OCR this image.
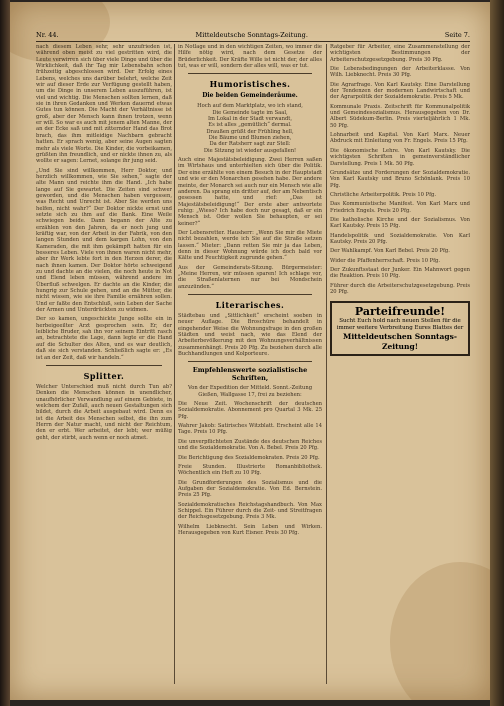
Nr. 44.	Mitteldeutsche Sonntags-Zeitung.	Seite 7.
nach diesem Leben sehr, sehr unzufrieden ist, während oben meist zu viel gestritten wird, die Leute verwirren sich über viele Dinge und über die Wirklichkeit, daß ihr Tag mir Lebensbahn schon frühzeitig abgeschlossen wird. Der Erfolg eines Lebens, welches uns darüber belehrt, welche Zeit wir auf dieser Erde zur Verfügung gestellt haben, um die Dinge in unserem Leben auszuführen, ist viel und wichtig. Die Menschen sollten lernen, daß sie in ihren Gedanken und Werken dauernd etwas Gutes tun können. Die Macht der Verhältnisse ist groß, aber der Mensch kann ihnen trotzen, wenn er will. So war es auch mit jenem alten Manne, der an der Ecke saß und mit zitternder Hand das Brot brach, das ihm mitleidige Nachbarn gebracht hatten. Er sprach wenig, aber seine Augen sagten mehr als viele Worte. Die Kinder, die vorbeikamen, grüßten ihn freundlich, und er nickte ihnen zu, als wollte er sagen: Lernet, solange ihr jung seid.
„Und Sie sind willkommen, Herr Doktor, und herzlich willkommen, wie Sie sehen,“ sagte der alte Mann und reichte ihm die Hand. „Ich habe lange auf Sie gewartet. Die Zeiten sind schwer geworden, und die Menschen haben vergessen, was Recht und Unrecht ist. Aber Sie werden uns helfen, nicht wahr?“ Der Doktor nickte ernst und setzte sich zu ihm auf die Bank. Eine Weile schwiegen beide. Dann begann der Alte zu erzählen von den Jahren, da er noch jung und kräftig war, von der Arbeit in der Fabrik, von den langen Stunden und dem kargen Lohn, von den Kameraden, die mit ihm gekämpft hatten für ein besseres Leben. Viele von ihnen waren nicht mehr, aber ihr Werk lebte fort in den Herzen derer, die nach ihnen kamen. Der Doktor hörte schweigend zu und dachte an die vielen, die noch heute in Not und Elend leben müssen, während andere im Überfluß schwelgen. Er dachte an die Kinder, die hungrig zur Schule gehen, und an die Mütter, die nicht wissen, wie sie ihre Familie ernähren sollen. Und er faßte den Entschluß, sein Leben der Sache der Armen und Unterdrückten zu widmen.
Der so kamen, ungeschickte Junge sollte ein in herbeigeeilter Arzt gesprochen sein. Er, der leibliche Bruder, sah ihn vor seinem Eintritt rasch an, betrachtete die Lage, dann legte er die Hand auf die Schulter des Alten, und es war deutlich, daß sie sich verstanden. Schließlich sagte er: „Es ist an der Zeit, daß wir handeln.“
Splitter.
Welcher Unterschied muß nicht durch Tun ab? Denken die Menschen können in unendlicher, unaufhörlicher Verwandlung auf einem Gebiete, in welchem der Zufall, auch neuen Gestaltungen sich bildet, durch die Arbeit ausgebaut wird. Denn es ist die Arbeit des Menschen selbst, die ihn zum Herrn der Natur macht, und nicht der Reichtum, den er erbt. Wer arbeitet, der lebt; wer müßig geht, der stirbt, auch wenn er noch atmet.
in Notlage und in den wichtigen Zeiten, wo immer die Hilfe nötig wird, nach dem Gesetze der Brüderlichkeit. Der Kräfte Wille ist nicht der, der alles tut, was er will, sondern der alles will, was er tut.
Humoristisches.
Die beiden Gemeinderäume.
Hoch auf dem Marktplatz, wo ich stand,
Die Gemeinde tagte im Saal,
Im Lokal in der Stadt verwandt,
Es ist alles „gemütlich“ dermal.
Draußen grüßt der Frühling hell,
Die Bäume und Blumen ziehen,
Da der Ratsherr sagt zur Stell:
Die Sitzung ist wieder ausgefallen!
Auch eine Majestätsbeleidigung. Zwei Herren saßen im Wirtshaus und unterhielten sich über die Politik. Der eine erzählte von einem Besuch in der Hauptstadt und wie er den Monarchen gesehen habe. Der andere meinte, der Monarch sei auch nur ein Mensch wie alle anderen. Da sprang ein dritter auf, der am Nebentisch gesessen hatte, und rief: „Das ist Majestätsbeleidigung!“ Der erste aber antwortete ruhig: „Wieso? Ich habe doch nur gesagt, daß er ein Mensch ist. Oder wollen Sie behaupten, er sei keiner?“
Der Lebensretter. Hausherr: „Wenn Sie mir die Miete nicht bezahlen, werde ich Sie auf die Straße setzen lassen.“ Mieter: „Dann retten Sie mir ja das Leben, denn in dieser Wohnung würde ich doch bald vor Kälte und Feuchtigkeit zugrunde gehen.“
Aus der Gemeinderats-Sitzung. Bürgermeister: „Meine Herren, wir müssen sparen! Ich schlage vor, die Straßenlaternen nur bei Mondschein anzuzünden.“
Literarisches.
Städtebau und „Sittlichkeit“ erscheint soeben in neuer Auflage. Die Broschüre behandelt in eingehender Weise die Wohnungsfrage in den großen Städten und weist nach, wie das Elend der Arbeiterbevölkerung mit den Wohnungsverhältnissen zusammenhängt. Preis 20 Pfg. Zu beziehen durch alle Buchhandlungen und Kolporteure.
Empfehlenswerte sozialistische Schriften,
Von der Expedition der Mitteld. Sonnt.-Zeitung Gießen, Wallgasse 17, frei zu beziehen:
Die Neue Zeit. Wochenschrift der deutschen Sozialdemokratie. Abonnement pro Quartal 3 Mk. 25 Pfg.
Wahrer Jakob: Satirisches Witzblatt. Erscheint alle 14 Tage. Preis 10 Pfg.
Die unverpflichteten Zustände des deutschen Reiches und die Sozialdemokratie. Von A. Bebel. Preis 20 Pfg.
Die Berichtigung des Sozialdemokraten. Preis 20 Pfg.
Freie Stunden. Illustrierte Romanbibliothek. Wöchentlich ein Heft zu 10 Pfg.
Die Grundforderungen des Sozialismus und die Aufgaben der Sozialdemokratie. Von Ed. Bernstein. Preis 25 Pfg.
Sozialdemokratisches Reichstagshandbuch. Von Max Schippel. Ein Führer durch die Zeit- und Streitfragen der Reichsgesetzgebung. Preis 3 Mk.
Wilhelm Liebknecht. Sein Leben und Wirken. Herausgegeben von Kurt Eisner. Preis 30 Pfg.
Ratgeber für Arbeiter, eine Zusammenstellung der wichtigsten Bestimmungen der Arbeiterschutzgesetzgebung. Preis 30 Pfg.
Die Lebensbedingungen der Arbeiterklasse. Von Wilh. Liebknecht. Preis 30 Pfg.
Die Agrarfrage. Von Karl Kautsky. Eine Darstellung der Tendenzen der modernen Landwirtschaft und der Agrarpolitik der Sozialdemokratie. Preis 5 Mk.
Kommunale Praxis. Zeitschrift für Kommunalpolitik und Gemeindesozialismus. Herausgegeben von Dr. Albert Südekum-Berlin. Preis vierteljährlich 1 Mk. 50 Pfg.
Lohnarbeit und Kapital. Von Karl Marx. Neuer Abdruck mit Einleitung von Fr. Engels. Preis 15 Pfg.
Die ökonomische Lehre. Von Karl Kautsky. Die wichtigsten Schriften in gemeinverständlicher Darstellung. Preis 1 Mk. 50 Pfg.
Grundsätze und Forderungen der Sozialdemokratie. Von Karl Kautsky und Bruno Schönlank. Preis 10 Pfg.
Christliche Arbeiterpolitik. Preis 10 Pfg.
Das Kommunistische Manifest. Von Karl Marx und Friedrich Engels. Preis 20 Pfg.
Die katholische Kirche und der Sozialismus. Von Karl Kautsky. Preis 15 Pfg.
Handelspolitik und Sozialdemokratie. Von Karl Kautsky. Preis 20 Pfg.
Der Wahlkampf. Von Karl Bebel. Preis 20 Pfg.
Wider die Pfaffenherrschaft. Preis 10 Pfg.
Der Zukunftsstaat der Junker. Ein Mahnwort gegen die Reaktion. Preis 10 Pfg.
Führer durch die Arbeiterschutzgesetzgebung. Preis 20 Pfg.
Parteifreunde!
Sucht Euch hold nach neuen Stellen für die immer weitere Verbreitung Eures Blattes der
Mitteldeutschen Sonntags-Zeitung!
